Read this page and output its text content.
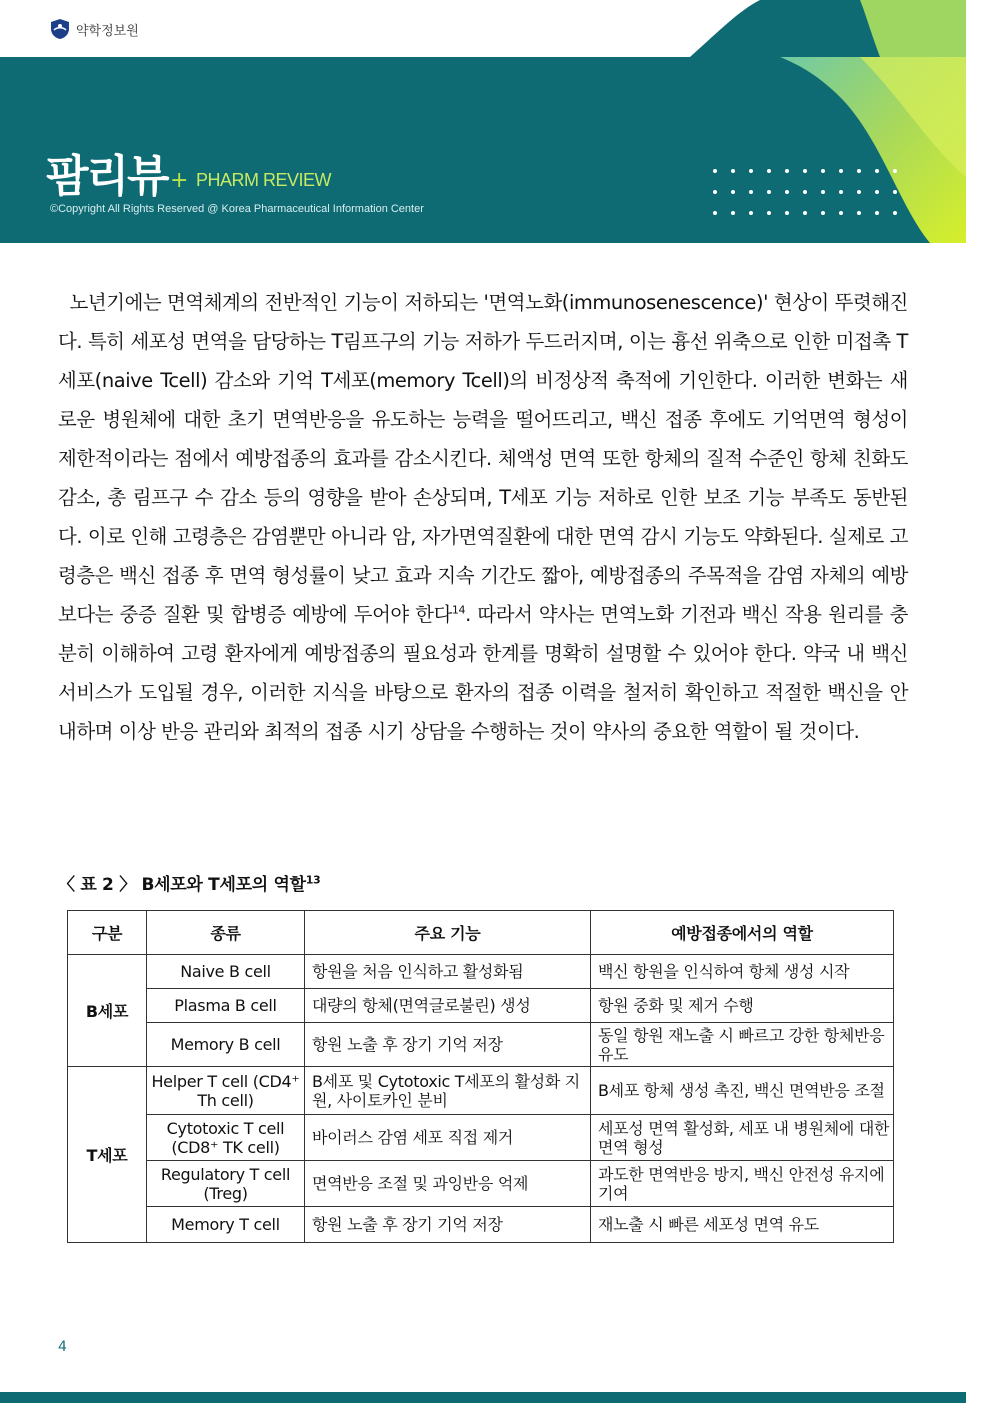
약학정보원
팜리뷰 + PHARM REVIEW
©Copyright All Rights Reserved @ Korea Pharmaceutical Information Center
노년기에는 면역체계의 전반적인 기능이 저하되는 '면역노화(immunosenescence)' 현상이 뚜렷해진다. 특히 세포성 면역을 담당하는 T림프구의 기능 저하가 두드러지며, 이는 흉선 위축으로 인한 미접촉 T세포(naive Tcell) 감소와 기억 T세포(memory Tcell)의 비정상적 축적에 기인한다. 이러한 변화는 새로운 병원체에 대한 초기 면역반응을 유도하는 능력을 떨어뜨리고, 백신 접종 후에도 기억면역 형성이 제한적이라는 점에서 예방접종의 효과를 감소시킨다. 체액성 면역 또한 항체의 질적 수준인 항체 친화도 감소, 총 림프구 수 감소 등의 영향을 받아 손상되며, T세포 기능 저하로 인한 보조 기능 부족도 동반된다. 이로 인해 고령층은 감염뿐만 아니라 암, 자가면역질환에 대한 면역 감시 기능도 약화된다. 실제로 고령층은 백신 접종 후 면역 형성률이 낮고 효과 지속 기간도 짧아, 예방접종의 주목적을 감염 자체의 예방보다는 중증 질환 및 합병증 예방에 두어야 한다$^{14}$. 따라서 약사는 면역노화 기전과 백신 작용 원리를 충분히 이해하여 고령 환자에게 예방접종의 필요성과 한계를 명확히 설명할 수 있어야 한다. 약국 내 백신 서비스가 도입될 경우, 이러한 지식을 바탕으로 환자의 접종 이력을 철저히 확인하고 적절한 백신을 안내하며 이상 반응 관리와 최적의 접종 시기 상담을 수행하는 것이 약사의 중요한 역할이 될 것이다.
〈 표 2 〉 B세포와 T세포의 역할$^{13}$
구분	종류	주요 기능	예방접종에서의 역할
B세포	Naive B cell	항원을 처음 인식하고 활성화됨	백신 항원을 인식하여 항체 생성 시작
	Plasma B cell	대량의 항체(면역글로불린) 생성	항원 중화 및 제거 수행
	Memory B cell	항원 노출 후 장기 기억 저장	동일 항원 재노출 시 빠르고 강한 항체반응 유도
T세포	Helper T cell (CD4⁺ Th cell)	B세포 및 Cytotoxic T세포의 활성화 지원, 사이토카인 분비	B세포 항체 생성 촉진, 백신 면역반응 조절
	Cytotoxic T cell (CD8⁺ TK cell)	바이러스 감염 세포 직접 제거	세포성 면역 활성화, 세포 내 병원체에 대한 면역 형성
	Regulatory T cell (Treg)	면역반응 조절 및 과잉반응 억제	과도한 면역반응 방지, 백신 안전성 유지에 기여
	Memory T cell	항원 노출 후 장기 기억 저장	재노출 시 빠른 세포성 면역 유도
4
